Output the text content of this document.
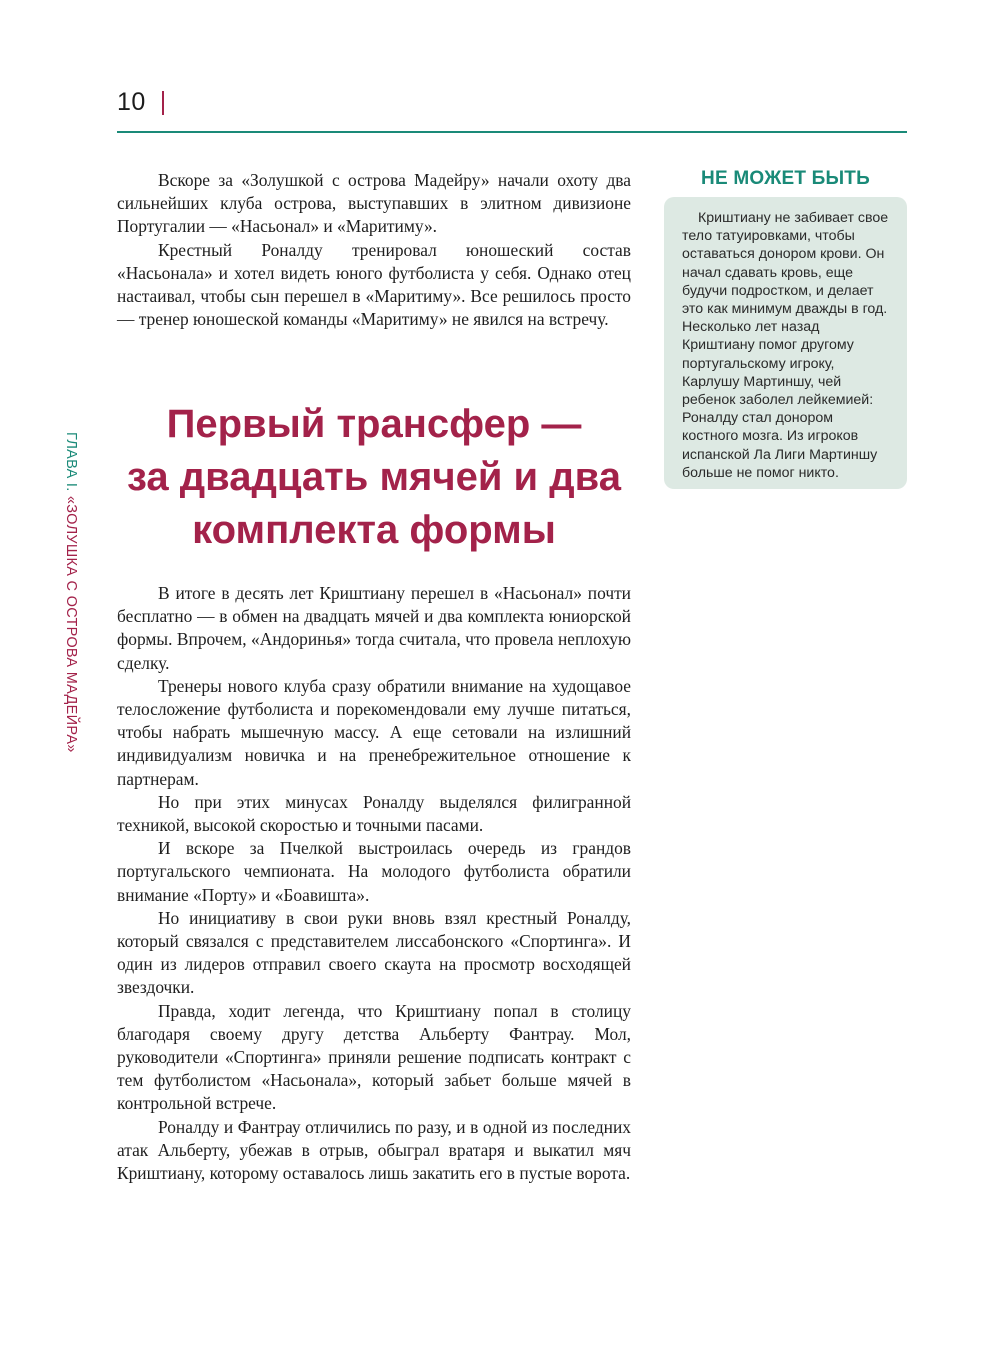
10
ГЛАВА I. «ЗОЛУШКА С ОСТРОВА МАДЕЙРА»

Вскоре за «Золушкой с острова Мадейру» начали охоту два сильнейших клуба острова, выступавших в элитном дивизионе Португалии — «Насьонал» и «Маритиму».

Крестный Роналду тренировал юношеский состав «Насьонала» и хотел видеть юного футболиста у себя. Однако отец настаивал, чтобы сын перешел в «Маритиму». Все решилось просто — тренер юношеской команды «Маритиму» не явился на встречу.

Первый трансфер —
за двадцать мячей и два
комплекта формы

В итоге в десять лет Криштиану перешел в «Насьонал» почти бесплатно — в обмен на двадцать мячей и два комплекта юниорской формы. Впрочем, «Андоринья» тогда считала, что провела неплохую сделку.

Тренеры нового клуба сразу обратили внимание на худощавое телосложение футболиста и порекомендовали ему лучше питаться, чтобы набрать мышечную массу. А еще сетовали на излишний индивидуализм новичка и на пренебрежительное отношение к партнерам.

Но при этих минусах Роналду выделялся филигранной техникой, высокой скоростью и точными пасами.

И вскоре за Пчелкой выстроилась очередь из грандов португальского чемпионата. На молодого футболиста обратили внимание «Порту» и «Боавишта».

Но инициативу в свои руки вновь взял крестный Роналду, который связался с представителем лиссабонского «Спортинга». И один из лидеров отправил своего скаута на просмотр восходящей звездочки.

Правда, ходит легенда, что Криштиану попал в столицу благодаря своему другу детства Альберту Фантрау. Мол, руководители «Спортинга» приняли решение подписать контракт с тем футболистом «Насьонала», который забьет больше мячей в контрольной встрече.

Роналду и Фантрау отличились по разу, и в одной из последних атак Альберту, убежав в отрыв, обыграл вратаря и выкатил мяч Криштиану, которому оставалось лишь закатить его в пустые ворота.

НЕ МОЖЕТ БЫТЬ

Криштиану не забивает свое тело татуировками, чтобы оставаться донором крови. Он начал сдавать кровь, еще будучи подростком, и делает это как минимум дважды в год. Несколько лет назад Криштиану помог другому португальскому игроку, Карлушу Мартиншу, чей ребенок заболел лейкемией: Роналду стал донором костного мозга. Из игроков испанской Ла Лиги Мартиншу больше не помог никто.
